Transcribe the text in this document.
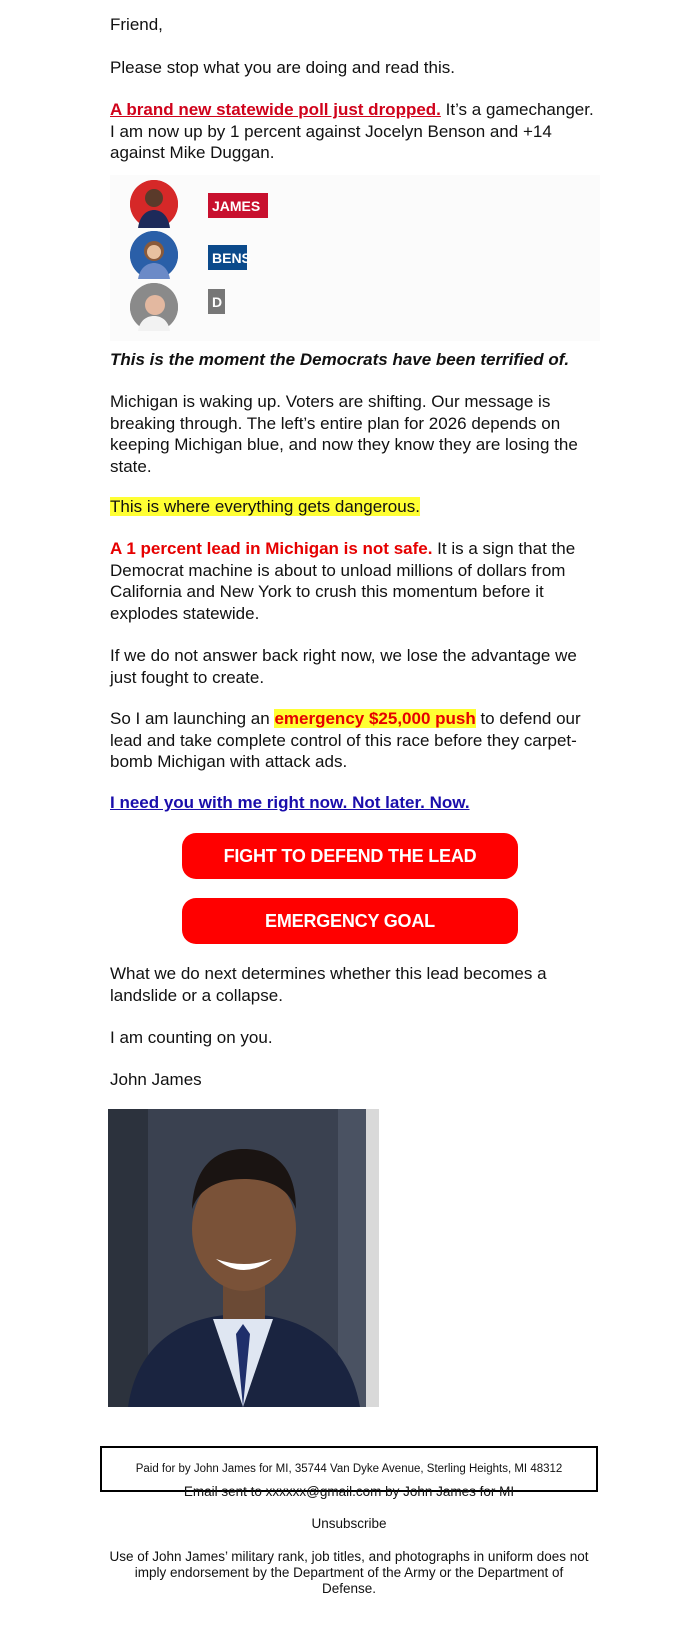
Friend,

Please stop what you are doing and read this.

A brand new statewide poll just dropped. It’s a gamechanger. I am now up by 1 percent against Jocelyn Benson and +14 against Mike Duggan.

JAMES
BENS
D

This is the moment the Democrats have been terrified of.

Michigan is waking up. Voters are shifting. Our message is breaking through. The left’s entire plan for 2026 depends on keeping Michigan blue, and now they know they are losing the state.

This is where everything gets dangerous.

A 1 percent lead in Michigan is not safe. It is a sign that the Democrat machine is about to unload millions of dollars from California and New York to crush this momentum before it explodes statewide.

If we do not answer back right now, we lose the advantage we just fought to create.

So I am launching an emergency $25,000 push to defend our lead and take complete control of this race before they carpet-bomb Michigan with attack ads.

I need you with me right now. Not later. Now.

FIGHT TO DEFEND THE LEAD
EMERGENCY GOAL

What we do next determines whether this lead becomes a landslide or a collapse.

I am counting on you.

John James

Paid for by John James for MI, 35744 Van Dyke Avenue, Sterling Heights, MI 48312
Email sent to xxxxxx@gmail.com by John James for MI
Unsubscribe
Use of John James’ military rank, job titles, and photographs in uniform does not imply endorsement by the Department of the Army or the Department of Defense.
